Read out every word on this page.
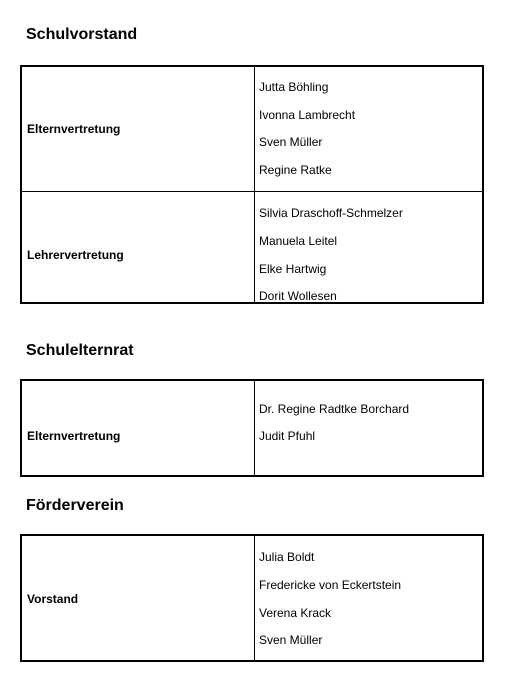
Schulvorstand
Elternvertretung
Jutta Böhling
Ivonna Lambrecht
Sven Müller
Regine Ratke
Lehrervertretung
Silvia Draschoff-Schmelzer
Manuela Leitel
Elke Hartwig
Dorit Wollesen
Schulelternrat
Elternvertretung
Dr. Regine Radtke Borchard
Judit Pfuhl
Förderverein
Vorstand
Julia Boldt
Fredericke von Eckertstein
Verena Krack
Sven Müller
